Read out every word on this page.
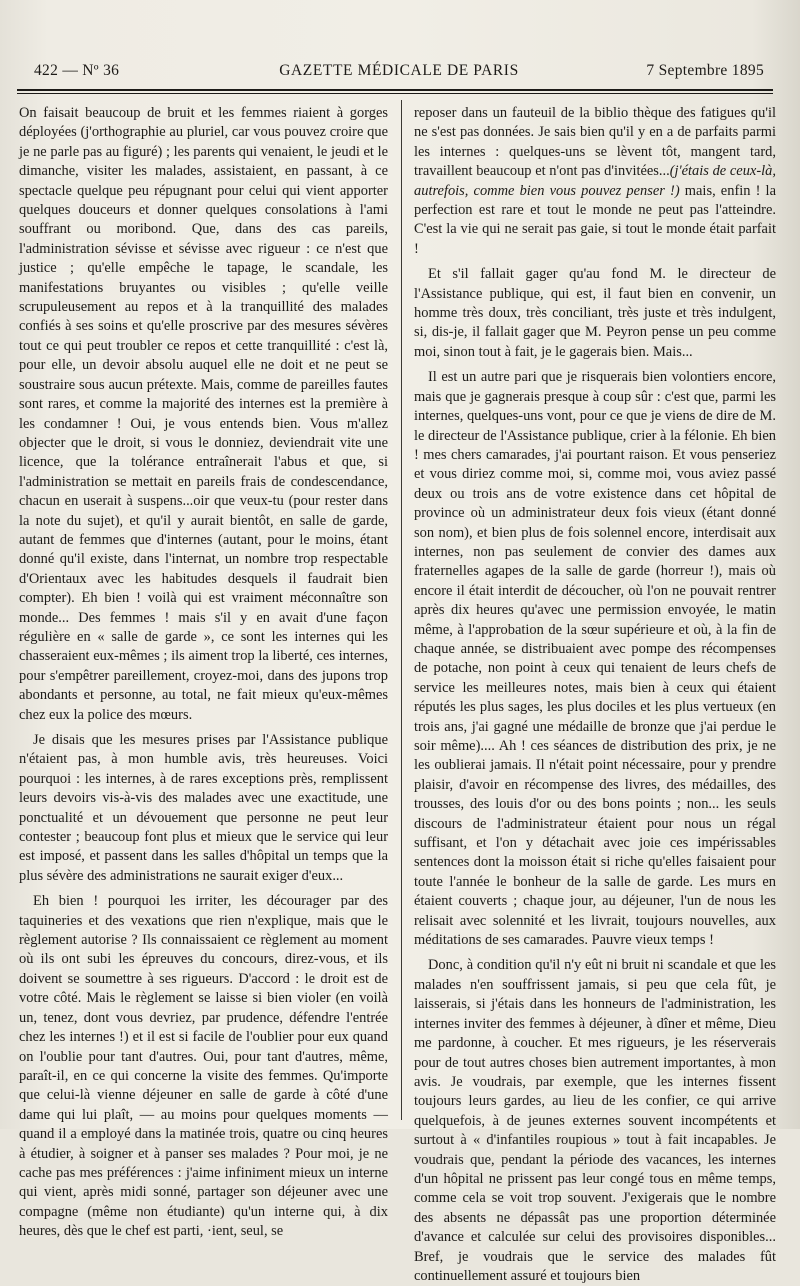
422 — Nº 36	GAZETTE MÉDICALE DE PARIS	7 Septembre 1895

On faisait beaucoup de bruit et les femmes riaient à gorges déployées (j'orthographie au pluriel, car vous pouvez croire que je ne parle pas au figuré) ; les parents qui venaient, le jeudi et le dimanche, visiter les malades, assistaient, en passant, à ce spectacle quelque peu répugnant pour celui qui vient apporter quelques douceurs et donner quelques consolations à l'ami souffrant ou moribond. Que, dans des cas pareils, l'administration sévisse et sévisse avec rigueur : ce n'est que justice ; qu'elle empêche le tapage, le scandale, les manifestations bruyantes ou visibles ; qu'elle veille scrupuleusement au repos et à la tranquillité des malades confiés à ses soins et qu'elle proscrive par des mesures sévères tout ce qui peut troubler ce repos et cette tranquillité : c'est là, pour elle, un devoir absolu auquel elle ne doit et ne peut se soustraire sous aucun prétexte. Mais, comme de pareilles fautes sont rares, et comme la majorité des internes est la première à les condamner ! Oui, je vous entends bien. Vous m'allez objecter que le droit, si vous le donniez, deviendrait vite une licence, que la tolérance entraînerait l'abus et que, si l'administration se mettait en pareils frais de condescendance, chacun en userait à suspens...oir que veux-tu (pour rester dans la note du sujet), et qu'il y aurait bientôt, en salle de garde, autant de femmes que d'internes (autant, pour le moins, étant donné qu'il existe, dans l'internat, un nombre trop respectable d'Orientaux avec les habitudes desquels il faudrait bien compter). Eh bien ! voilà qui est vraiment méconnaître son monde... Des femmes ! mais s'il y en avait d'une façon régulière en « salle de garde », ce sont les internes qui les chasseraient eux-mêmes ; ils aiment trop la liberté, ces internes, pour s'empêtrer pareillement, croyez-moi, dans des jupons trop abondants et personne, au total, ne fait mieux qu'eux-mêmes chez eux la police des mœurs.

Je disais que les mesures prises par l'Assistance publique n'étaient pas, à mon humble avis, très heureuses. Voici pourquoi : les internes, à de rares exceptions près, remplissent leurs devoirs vis-à-vis des malades avec une exactitude, une ponctualité et un dévouement que personne ne peut leur contester ; beaucoup font plus et mieux que le service qui leur est imposé, et passent dans les salles d'hôpital un temps que la plus sévère des administrations ne saurait exiger d'eux...

Eh bien ! pourquoi les irriter, les décourager par des taquineries et des vexations que rien n'explique, mais que le règlement autorise ? Ils connaissaient ce règlement au moment où ils ont subi les épreuves du concours, direz-vous, et ils doivent se soumettre à ses rigueurs. D'accord : le droit est de votre côté. Mais le règlement se laisse si bien violer (en voilà un, tenez, dont vous devriez, par prudence, défendre l'entrée chez les internes !) et il est si facile de l'oublier pour eux quand on l'oublie pour tant d'autres. Oui, pour tant d'autres, même, paraît-il, en ce qui concerne la visite des femmes. Qu'importe que celui-là vienne déjeuner en salle de garde à côté d'une dame qui lui plaît, — au moins pour quelques moments — quand il a employé dans la matinée trois, quatre ou cinq heures à étudier, à soigner et à panser ses malades ? Pour moi, je ne cache pas mes préférences : j'aime infiniment mieux un interne qui vient, après midi sonné, partager son déjeuner avec une compagne (même non étudiante) qu'un interne qui, à dix heures, dès que le chef est parti, ·ient, seul, se

reposer dans un fauteuil de la biblio thèque des fatigues qu'il ne s'est pas données. Je sais bien qu'il y en a de parfaits parmi les internes : quelques-uns se lèvent tôt, mangent tard, travaillent beaucoup et n'ont pas d'invitées...(j'étais de ceux-là, autrefois, comme bien vous pouvez penser !) mais, enfin ! la perfection est rare et tout le monde ne peut pas l'atteindre. C'est la vie qui ne serait pas gaie, si tout le monde était parfait !

Et s'il fallait gager qu'au fond M. le directeur de l'Assistance publique, qui est, il faut bien en convenir, un homme très doux, très conciliant, très juste et très indulgent, si, dis-je, il fallait gager que M. Peyron pense un peu comme moi, sinon tout à fait, je le gagerais bien. Mais...

Il est un autre pari que je risquerais bien volontiers encore, mais que je gagnerais presque à coup sûr : c'est que, parmi les internes, quelques-uns vont, pour ce que je viens de dire de M. le directeur de l'Assistance publique, crier à la félonie. Eh bien ! mes chers camarades, j'ai pourtant raison. Et vous penseriez et vous diriez comme moi, si, comme moi, vous aviez passé deux ou trois ans de votre existence dans cet hôpital de province où un administrateur deux fois vieux (étant donné son nom), et bien plus de fois solennel encore, interdisait aux internes, non pas seulement de convier des dames aux fraternelles agapes de la salle de garde (horreur !), mais où encore il était interdit de découcher, où l'on ne pouvait rentrer après dix heures qu'avec une permission envoyée, le matin même, à l'approbation de la sœur supérieure et où, à la fin de chaque année, se distribuaient avec pompe des récompenses de potache, non point à ceux qui tenaient de leurs chefs de service les meilleures notes, mais bien à ceux qui étaient réputés les plus sages, les plus dociles et les plus vertueux (en trois ans, j'ai gagné une médaille de bronze que j'ai perdue le soir même).... Ah ! ces séances de distribution des prix, je ne les oublierai jamais. Il n'était point nécessaire, pour y prendre plaisir, d'avoir en récompense des livres, des médailles, des trousses, des louis d'or ou des bons points ; non... les seuls discours de l'administrateur étaient pour nous un régal suffisant, et l'on y détachait avec joie ces impérissables sentences dont la moisson était si riche qu'elles faisaient pour toute l'année le bonheur de la salle de garde. Les murs en étaient couverts ; chaque jour, au déjeuner, l'un de nous les relisait avec solennité et les livrait, toujours nouvelles, aux méditations de ses camarades. Pauvre vieux temps !

Donc, à condition qu'il n'y eût ni bruit ni scandale et que les malades n'en souffrissent jamais, si peu que cela fût, je laisserais, si j'étais dans les honneurs de l'administration, les internes inviter des femmes à déjeuner, à dîner et même, Dieu me pardonne, à coucher. Et mes rigueurs, je les réserverais pour de tout autres choses bien autrement importantes, à mon avis. Je voudrais, par exemple, que les internes fissent toujours leurs gardes, au lieu de les confier, ce qui arrive quelquefois, à de jeunes externes souvent incompétents et surtout à « d'infantiles roupious » tout à fait incapables. Je voudrais que, pendant la période des vacances, les internes d'un hôpital ne prissent pas leur congé tous en même temps, comme cela se voit trop souvent. J'exigerais que le nombre des absents ne dépassât pas une proportion déterminée d'avance et calculée sur celui des provisoires disponibles... Bref, je voudrais que le service des malades fût continuellement assuré et toujours bien
